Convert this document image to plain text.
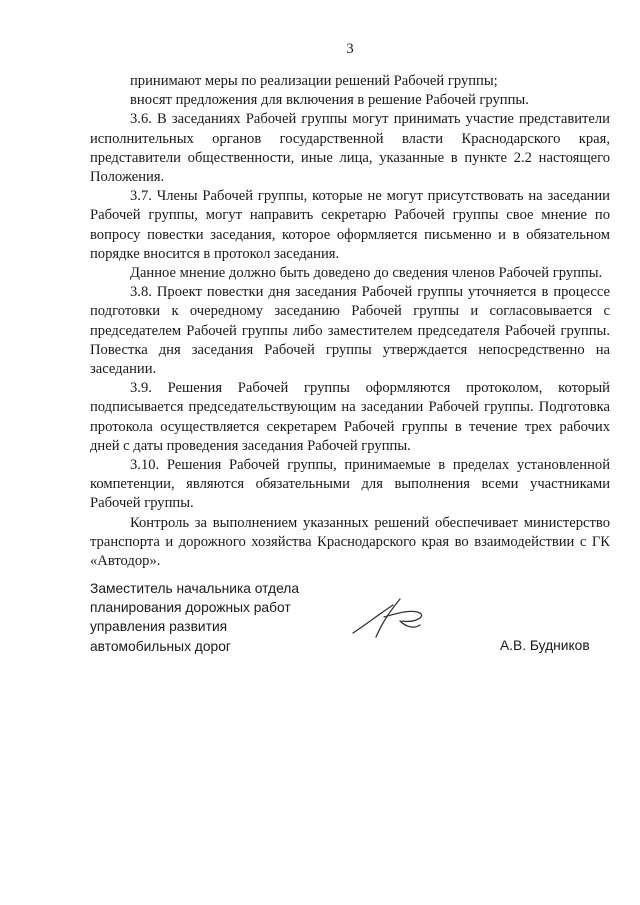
3

принимают меры по реализации решений Рабочей группы;

вносят предложения для включения в решение Рабочей группы.

3.6. В заседаниях Рабочей группы могут принимать участие представители исполнительных органов государственной власти Краснодарского края, представители общественности, иные лица, указанные в пункте 2.2 настоящего Положения.

3.7. Члены Рабочей группы, которые не могут присутствовать на заседании Рабочей группы, могут направить секретарю Рабочей группы свое мнение по вопросу повестки заседания, которое оформляется письменно и в обязательном порядке вносится в протокол заседания.

Данное мнение должно быть доведено до сведения членов Рабочей группы.

3.8. Проект повестки дня заседания Рабочей группы уточняется в процессе подготовки к очередному заседанию Рабочей группы и согласовывается с председателем Рабочей группы либо заместителем председателя Рабочей группы. Повестка дня заседания Рабочей группы утверждается непосредственно на заседании.

3.9. Решения Рабочей группы оформляются протоколом, который подписывается председательствующим на заседании Рабочей группы. Подготовка протокола осуществляется секретарем Рабочей группы в течение трех рабочих дней с даты проведения заседания Рабочей группы.

3.10. Решения Рабочей группы, принимаемые в пределах установленной компетенции, являются обязательными для выполнения всеми участниками Рабочей группы.

Контроль за выполнением указанных решений обеспечивает министерство транспорта и дорожного хозяйства Краснодарского края во взаимодействии с ГК «Автодор».

Заместитель начальника отдела
планирования дорожных работ
управления развития
автомобильных дорог	А.В. Будников
